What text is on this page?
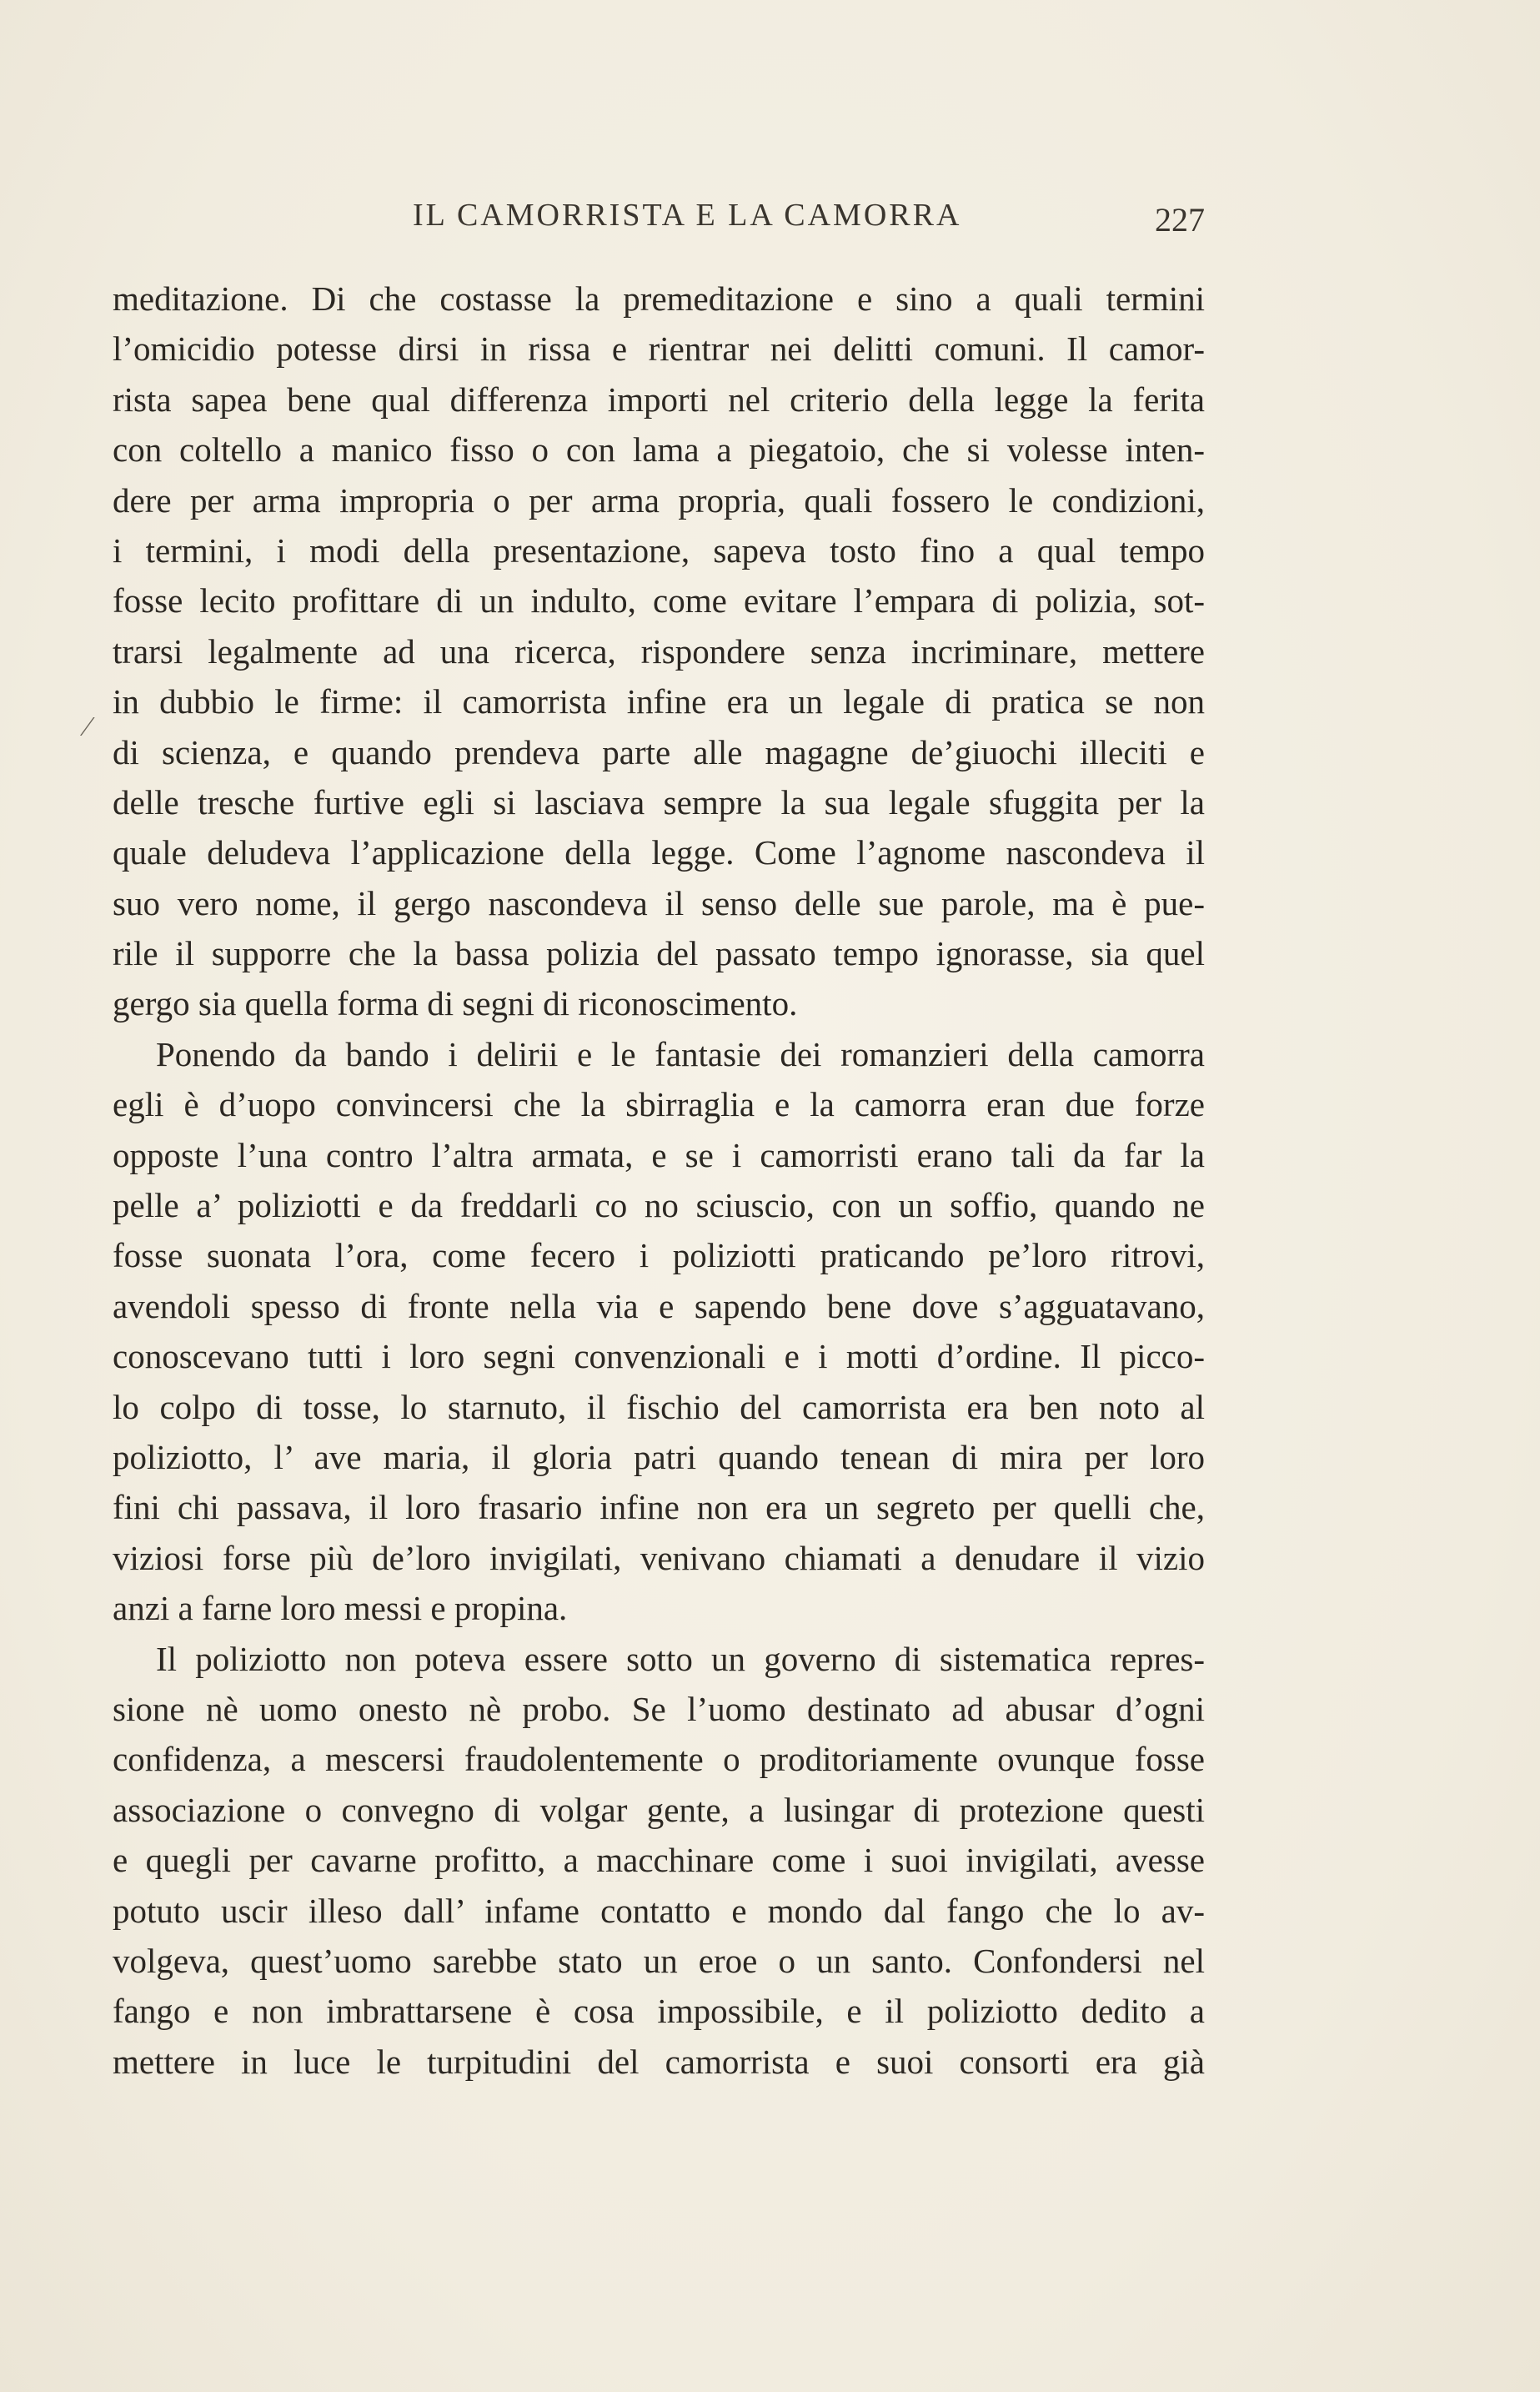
IL CAMORRISTA E LA CAMORRA	227
⁄
meditazione. Di che costasse la premeditazione e sino a quali termini
l’omicidio potesse dirsi in rissa e rientrar nei delitti comuni. Il camor-
rista sapea bene qual differenza importi nel criterio della legge la ferita
con coltello a manico fisso o con lama a piegatoio, che si volesse inten-
dere per arma impropria o per arma propria, quali fossero le condizioni,
i termini, i modi della presentazione, sapeva tosto fino a qual tempo
fosse lecito profittare di un indulto, come evitare l’empara di polizia, sot-
trarsi legalmente ad una ricerca, rispondere senza incriminare, mettere
in dubbio le firme: il camorrista infine era un legale di pratica se non
di scienza, e quando prendeva parte alle magagne de’giuochi illeciti e
delle tresche furtive egli si lasciava sempre la sua legale sfuggita per la
quale deludeva l’applicazione della legge. Come l’agnome nascondeva il
suo vero nome, il gergo nascondeva il senso delle sue parole, ma è pue-
rile il supporre che la bassa polizia del passato tempo ignorasse, sia quel
gergo sia quella forma di segni di riconoscimento.
Ponendo da bando i delirii e le fantasie dei romanzieri della camorra
egli è d’uopo convincersi che la sbirraglia e la camorra eran due forze
opposte l’una contro l’altra armata, e se i camorristi erano tali da far la
pelle a’ poliziotti e da freddarli co no sciuscio, con un soffio, quando ne
fosse suonata l’ora, come fecero i poliziotti praticando pe’loro ritrovi,
avendoli spesso di fronte nella via e sapendo bene dove s’agguatavano,
conoscevano tutti i loro segni convenzionali e i motti d’ordine. Il picco-
lo colpo di tosse, lo starnuto, il fischio del camorrista era ben noto al
poliziotto, l’ ave maria, il gloria patri quando tenean di mira per loro
fini chi passava, il loro frasario infine non era un segreto per quelli che,
viziosi forse più de’loro invigilati, venivano chiamati a denudare il vizio
anzi a farne loro messi e propina.
Il poliziotto non poteva essere sotto un governo di sistematica repres-
sione nè uomo onesto nè probo. Se l’uomo destinato ad abusar d’ogni
confidenza, a mescersi fraudolentemente o proditoriamente ovunque fosse
associazione o convegno di volgar gente, a lusingar di protezione questi
e quegli per cavarne profitto, a macchinare come i suoi invigilati, avesse
potuto uscir illeso dall’ infame contatto e mondo dal fango che lo av-
volgeva, quest’uomo sarebbe stato un eroe o un santo. Confondersi nel
fango e non imbrattarsene è cosa impossibile, e il poliziotto dedito a
mettere in luce le turpitudini del camorrista e suoi consorti era già
